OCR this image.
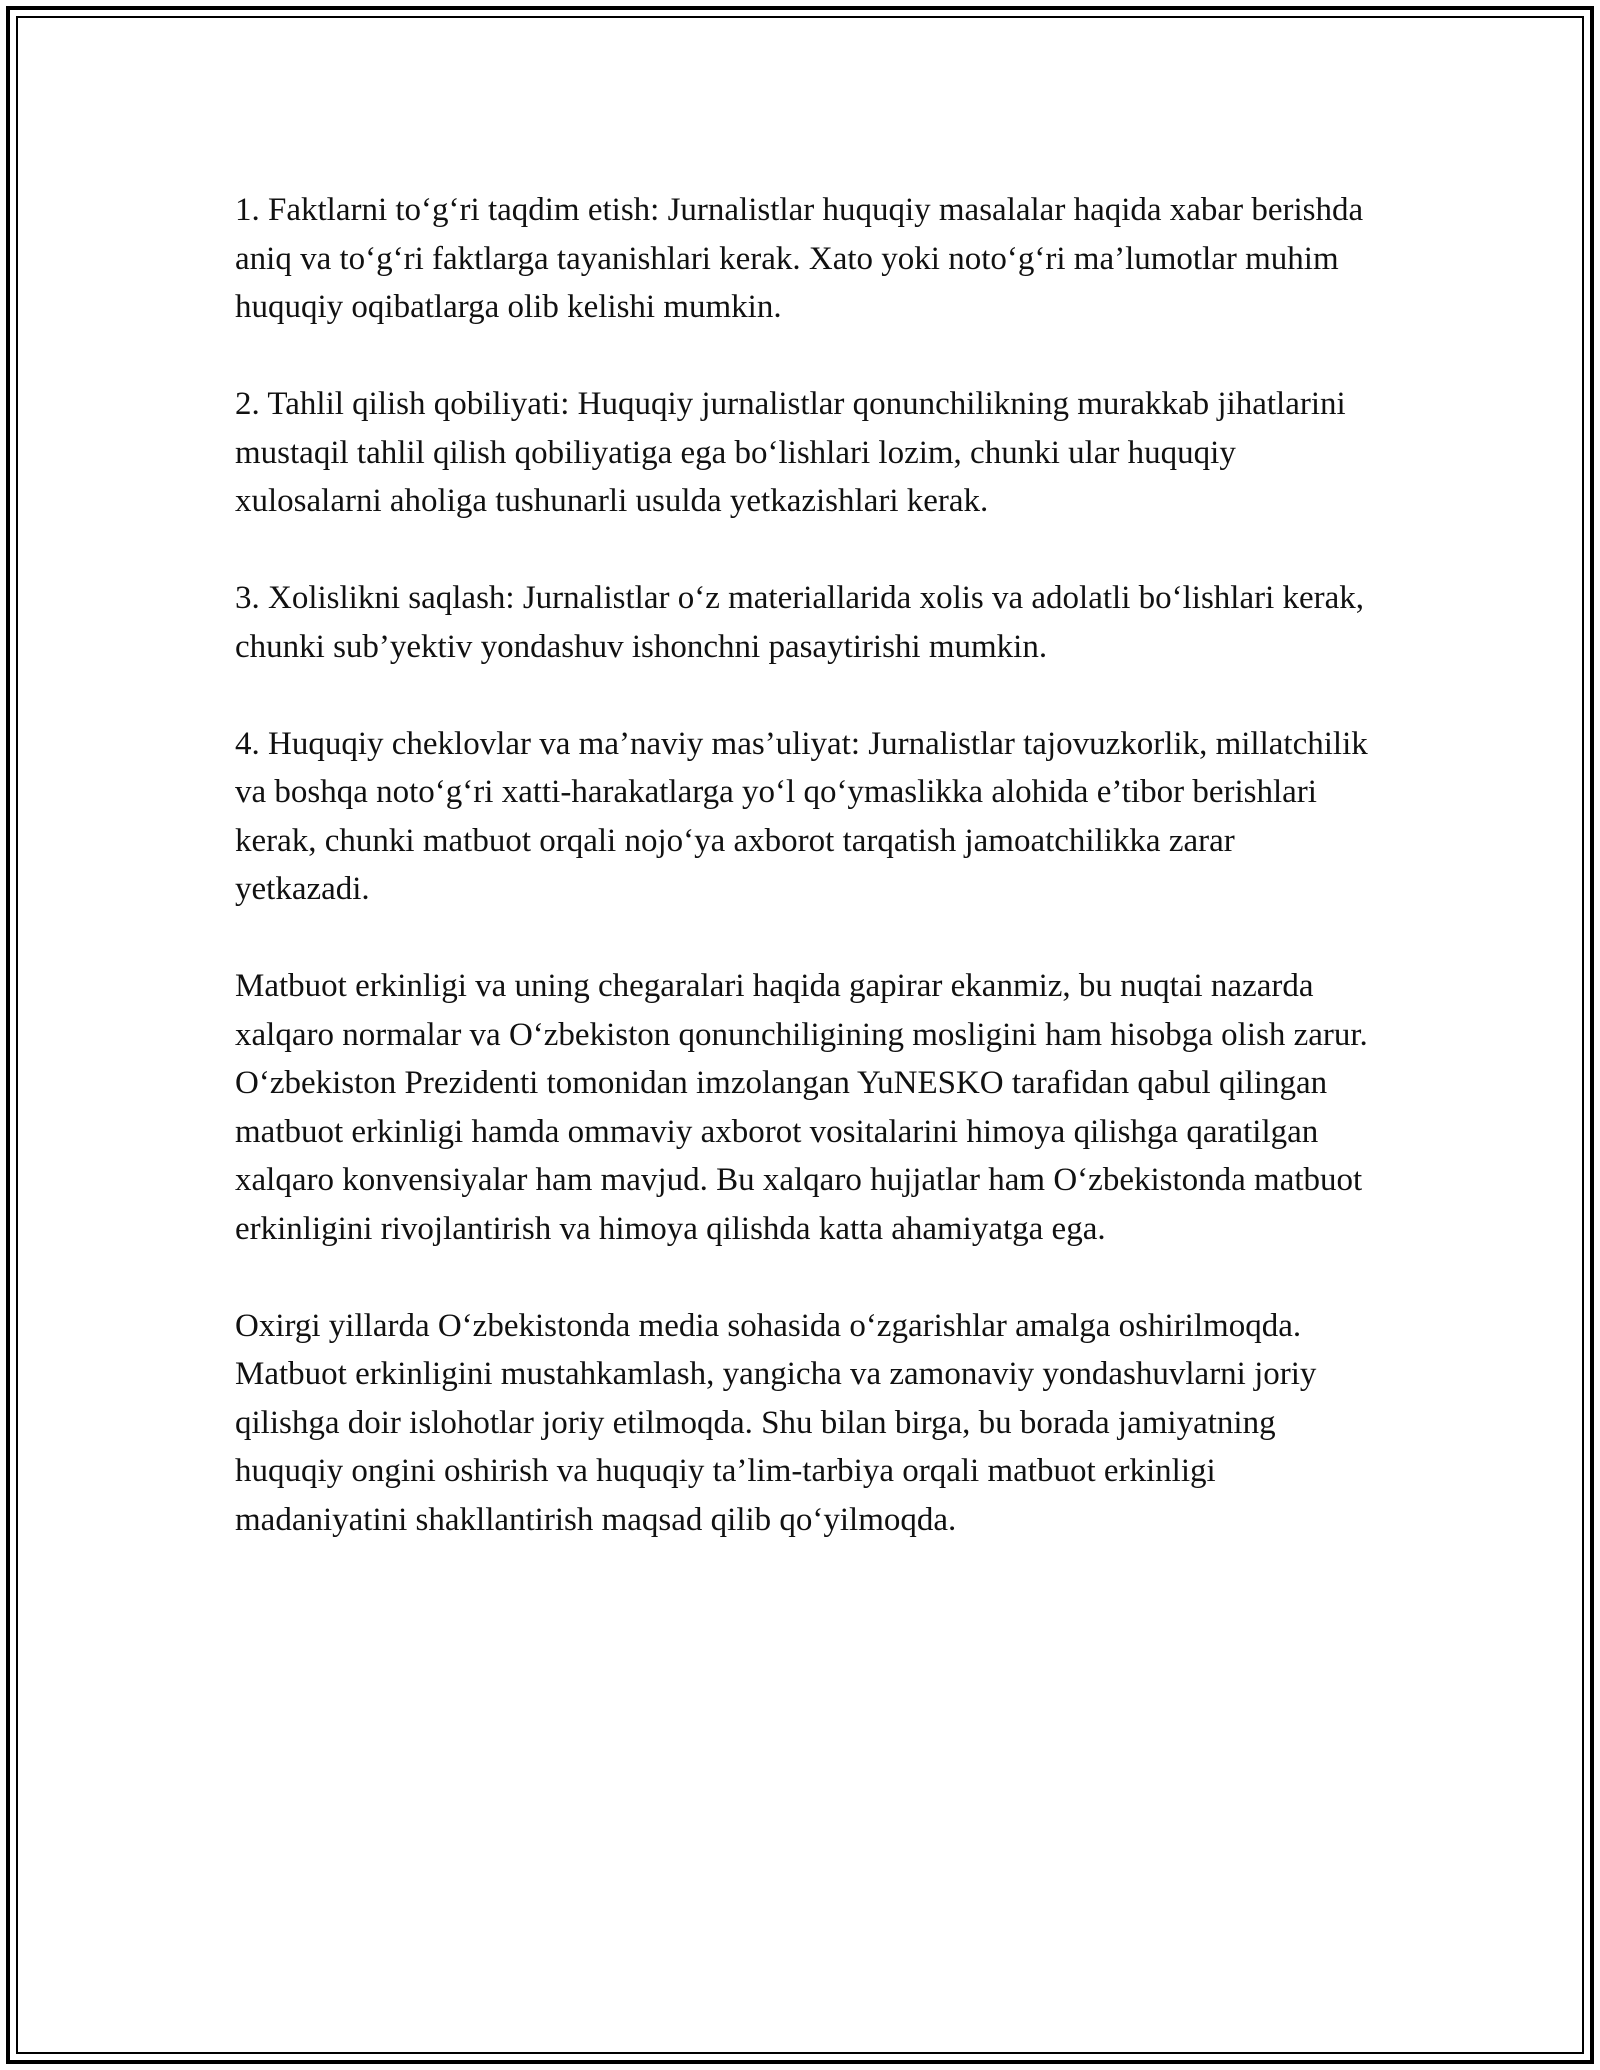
1. Faktlarni to‘g‘ri taqdim etish: Jurnalistlar huquqiy masalalar haqida xabar berishda aniq va to‘g‘ri faktlarga tayanishlari kerak. Xato yoki noto‘g‘ri ma’lumotlar muhim huquqiy oqibatlarga olib kelishi mumkin.

2. Tahlil qilish qobiliyati: Huquqiy jurnalistlar qonunchilikning murakkab jihatlarini mustaqil tahlil qilish qobiliyatiga ega bo‘lishlari lozim, chunki ular huquqiy xulosalarni aholiga tushunarli usulda yetkazishlari kerak.

3. Xolislikni saqlash: Jurnalistlar o‘z materiallarida xolis va adolatli bo‘lishlari kerak, chunki sub’yektiv yondashuv ishonchni pasaytirishi mumkin.

4. Huquqiy cheklovlar va ma’naviy mas’uliyat: Jurnalistlar tajovuzkorlik, millatchilik va boshqa noto‘g‘ri xatti-harakatlarga yo‘l qo‘ymaslikka alohida e’tibor berishlari kerak, chunki matbuot orqali nojo‘ya axborot tarqatish jamoatchilikka zarar yetkazadi.

Matbuot erkinligi va uning chegaralari haqida gapirar ekanmiz, bu nuqtai nazarda xalqaro normalar va O‘zbekiston qonunchiligining mosligini ham hisobga olish zarur. O‘zbekiston Prezidenti tomonidan imzolangan YuNESKO tarafidan qabul qilingan matbuot erkinligi hamda ommaviy axborot vositalarini himoya qilishga qaratilgan xalqaro konvensiyalar ham mavjud. Bu xalqaro hujjatlar ham O‘zbekistonda matbuot erkinligini rivojlantirish va himoya qilishda katta ahamiyatga ega.

Oxirgi yillarda O‘zbekistonda media sohasida o‘zgarishlar amalga oshirilmoqda. Matbuot erkinligini mustahkamlash, yangicha va zamonaviy yondashuvlarni joriy qilishga doir islohotlar joriy etilmoqda. Shu bilan birga, bu borada jamiyatning huquqiy ongini oshirish va huquqiy ta’lim-tarbiya orqali matbuot erkinligi madaniyatini shakllantirish maqsad qilib qo‘yilmoqda.
